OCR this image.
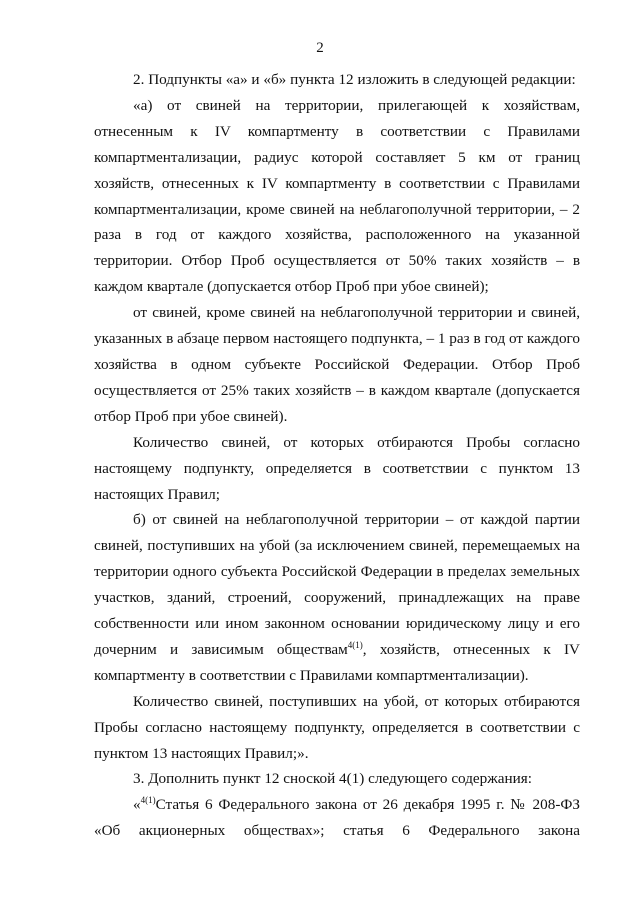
2

2. Подпункты «а» и «б» пункта 12 изложить в следующей редакции:

«а) от свиней на территории, прилегающей к хозяйствам, отнесенным к IV компартменту в соответствии с Правилами компартментализации, радиус которой составляет 5 км от границ хозяйств, отнесенных к IV компартменту в соответствии с Правилами компартментализации, кроме свиней на неблагополучной территории, – 2 раза в год от каждого хозяйства, расположенного на указанной территории. Отбор Проб осуществляется от 50% таких хозяйств – в каждом квартале (допускается отбор Проб при убое свиней);

от свиней, кроме свиней на неблагополучной территории и свиней, указанных в абзаце первом настоящего подпункта, – 1 раз в год от каждого хозяйства в одном субъекте Российской Федерации. Отбор Проб осуществляется от 25% таких хозяйств – в каждом квартале (допускается отбор Проб при убое свиней).

Количество свиней, от которых отбираются Пробы согласно настоящему подпункту, определяется в соответствии с пунктом 13 настоящих Правил;

б) от свиней на неблагополучной территории – от каждой партии свиней, поступивших на убой (за исключением свиней, перемещаемых на территории одного субъекта Российской Федерации в пределах земельных участков, зданий, строений, сооружений, принадлежащих на праве собственности или ином законном основании юридическому лицу и его дочерним и зависимым обществам$^{4(1)}$, хозяйств, отнесенных к IV компартменту в соответствии с Правилами компартментализации).

Количество свиней, поступивших на убой, от которых отбираются Пробы согласно настоящему подпункту, определяется в соответствии с пунктом 13 настоящих Правил;».

3. Дополнить пункт 12 сноской 4(1) следующего содержания:

«$^{4(1)}$Статья 6 Федерального закона от 26 декабря 1995 г. № 208-ФЗ «Об акционерных обществах»; статья 6 Федерального закона
